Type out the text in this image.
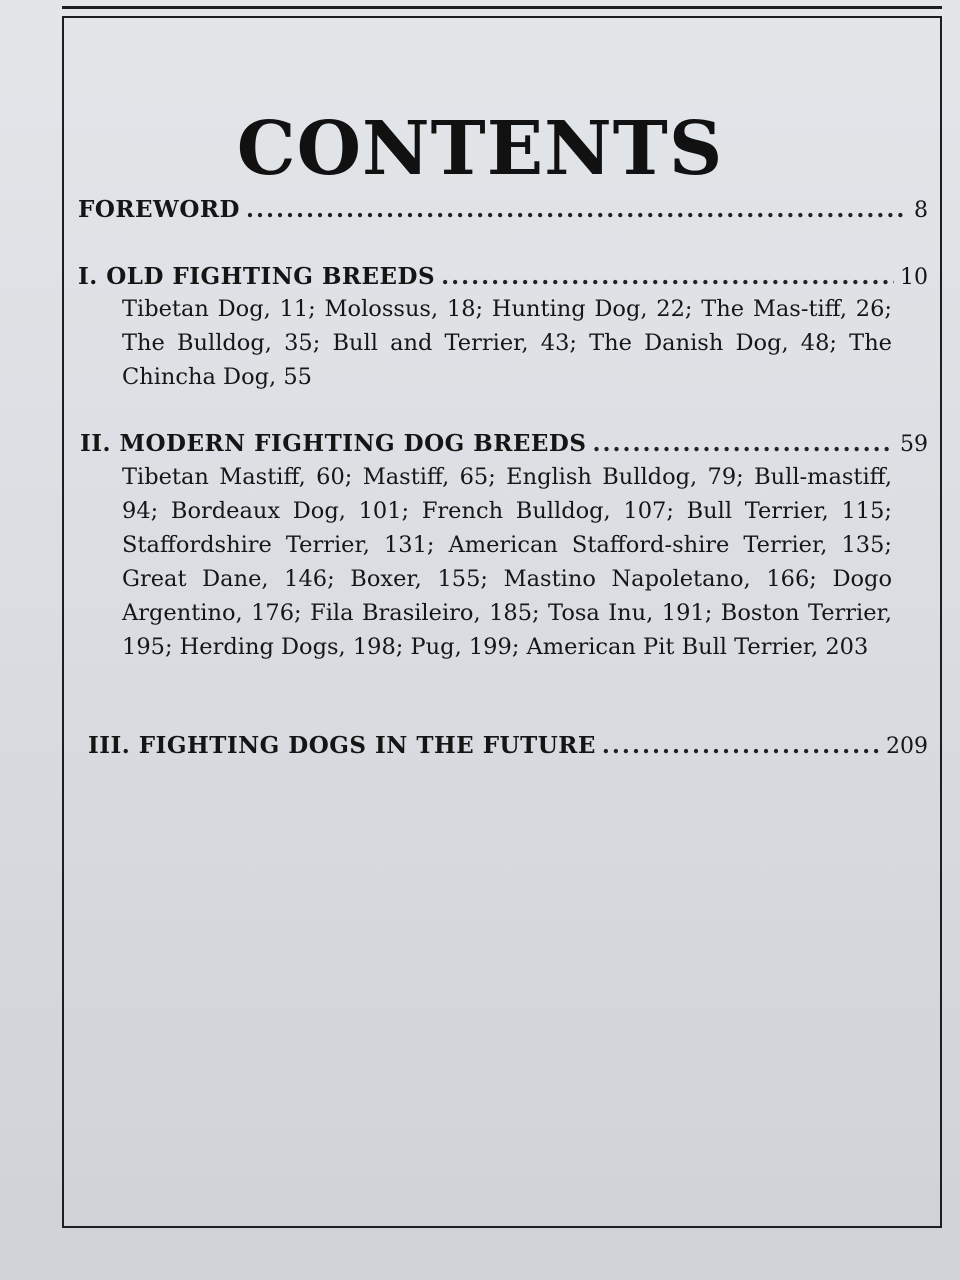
CONTENTS
FOREWORD .....	8
I. OLD FIGHTING BREEDS .....	10

Tibetan Dog, 11; Molossus, 18; Hunting Dog, 22; The Mas-tiff, 26; The Bulldog, 35; Bull and Terrier, 43; The Danish Dog, 48; The Chincha Dog, 55

II. MODERN FIGHTING DOG BREEDS .....	59

Tibetan Mastiff, 60; Mastiff, 65; English Bulldog, 79; Bull-mastiff, 94; Bordeaux Dog, 101; French Bulldog, 107; Bull Terrier, 115; Staffordshire Terrier, 131; American Stafford-shire Terrier, 135; Great Dane, 146; Boxer, 155; Mastino Napoletano, 166; Dogo Argentino, 176; Fila Brasileiro, 185; Tosa Inu, 191; Boston Terrier, 195; Herding Dogs, 198; Pug, 199; American Pit Bull Terrier, 203

III. FIGHTING DOGS IN THE FUTURE .....	209
